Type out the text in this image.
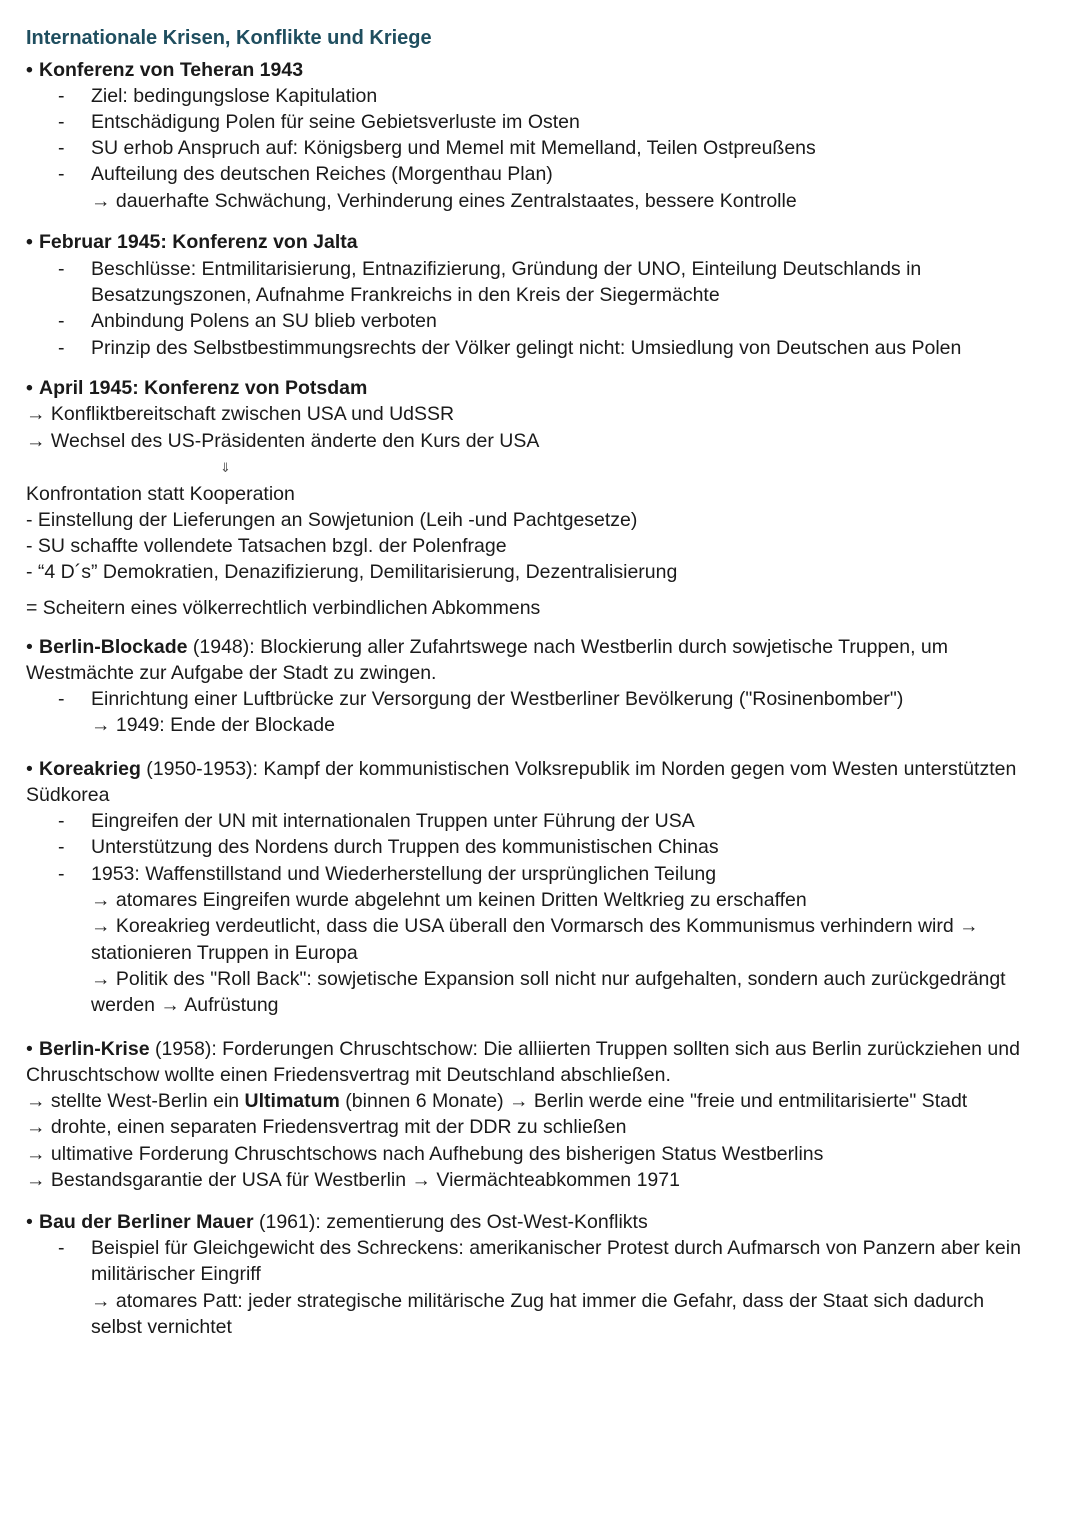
Internationale Krisen, Konflikte und Kriege
• Konferenz von Teheran 1943
- Ziel: bedingungslose Kapitulation
- Entschädigung Polen für seine Gebietsverluste im Osten
- SU erhob Anspruch auf: Königsberg und Memel mit Memelland, Teilen Ostpreußens
- Aufteilung des deutschen Reiches (Morgenthau Plan)
→ dauerhafte Schwächung, Verhinderung eines Zentralstaates, bessere Kontrolle
• Februar 1945: Konferenz von Jalta
- Beschlüsse: Entmilitarisierung, Entnazifizierung, Gründung der UNO, Einteilung Deutschlands in
Besatzungszonen, Aufnahme Frankreichs in den Kreis der Siegermächte
- Anbindung Polens an SU blieb verboten
- Prinzip des Selbstbestimmungsrechts der Völker gelingt nicht: Umsiedlung von Deutschen aus Polen
• April 1945: Konferenz von Potsdam
→ Konfliktbereitschaft zwischen USA und UdSSR
→ Wechsel des US-Präsidenten änderte den Kurs der USA
⇓
Konfrontation statt Kooperation
- Einstellung der Lieferungen an Sowjetunion (Leih -und Pachtgesetze)
- SU schaffte vollendete Tatsachen bzgl. der Polenfrage
- “4 D´s” Demokratien, Denazifizierung, Demilitarisierung, Dezentralisierung
= Scheitern eines völkerrechtlich verbindlichen Abkommens
• Berlin-Blockade (1948): Blockierung aller Zufahrtswege nach Westberlin durch sowjetische Truppen, um
Westmächte zur Aufgabe der Stadt zu zwingen.
- Einrichtung einer Luftbrücke zur Versorgung der Westberliner Bevölkerung ("Rosinenbomber")
→ 1949: Ende der Blockade
• Koreakrieg (1950-1953): Kampf der kommunistischen Volksrepublik im Norden gegen vom Westen unterstützten
Südkorea
- Eingreifen der UN mit internationalen Truppen unter Führung der USA
- Unterstützung des Nordens durch Truppen des kommunistischen Chinas
- 1953: Waffenstillstand und Wiederherstellung der ursprünglichen Teilung
→ atomares Eingreifen wurde abgelehnt um keinen Dritten Weltkrieg zu erschaffen
→ Koreakrieg verdeutlicht, dass die USA überall den Vormarsch des Kommunismus verhindern wird →
stationieren Truppen in Europa
→ Politik des "Roll Back": sowjetische Expansion soll nicht nur aufgehalten, sondern auch zurückgedrängt
werden → Aufrüstung
• Berlin-Krise (1958): Forderungen Chruschtschow: Die alliierten Truppen sollten sich aus Berlin zurückziehen und
Chruschtschow wollte einen Friedensvertrag mit Deutschland abschließen.
→ stellte West-Berlin ein Ultimatum (binnen 6 Monate) → Berlin werde eine "freie und entmilitarisierte" Stadt
→ drohte, einen separaten Friedensvertrag mit der DDR zu schließen
→ ultimative Forderung Chruschtschows nach Aufhebung des bisherigen Status Westberlins
→ Bestandsgarantie der USA für Westberlin → Viermächteabkommen 1971
• Bau der Berliner Mauer (1961): zementierung des Ost-West-Konflikts
- Beispiel für Gleichgewicht des Schreckens: amerikanischer Protest durch Aufmarsch von Panzern aber kein
militärischer Eingriff
→ atomares Patt: jeder strategische militärische Zug hat immer die Gefahr, dass der Staat sich dadurch
selbst vernichtet
